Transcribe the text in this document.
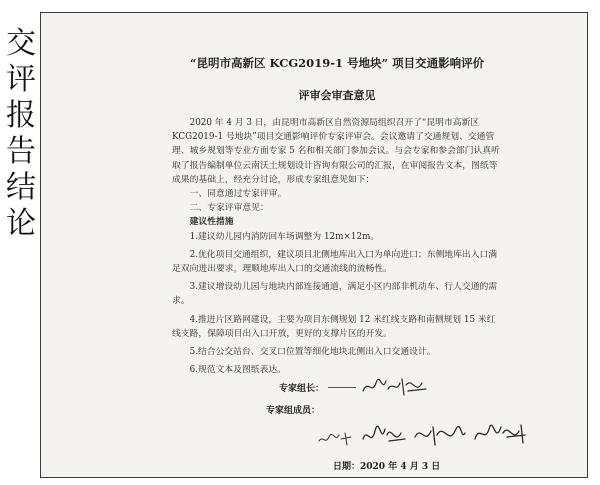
交
评
报
告
结
论

“昆明市高新区 KCG2019-1 号地块” 项目交通影响评价

评审会审查意见

2020 年 4 月 3 日，由昆明市高新区自然资源局组织召开了“昆明市高新区 KCG2019-1 号地块”项目交通影响评价专家评审会。会议邀请了交通规划、交通管理、城乡规划等专业方面专家 5 名和相关部门参加会议。与会专家和参会部门认真听取了报告编制单位云南沃土规划设计咨询有限公司的汇报，在审阅报告文本，图纸等成果的基础上，经充分讨论，形成专家组意见如下：

一、同意通过专家评审。

二、专家评审意见：

建议性措施

1.建议幼儿园内消防回车场调整为 12m×12m。

2.优化项目交通组织，建议项目北侧地库出入口为单向进口；东侧地库出入口满足双向进出要求，理顺地库出入口的交通流线的流畅性。

3.建议增设幼儿园与地块内部连接通道，满足小区内部非机动车、行人交通的需求。

4.推进片区路网建设，主要为项目东侧规划 12 米红线支路和南侧规划 15 米红线支路，保障项目出入口开放，更好的支撑片区的开发。

5.结合公交站台、交叉口位置等细化地块北侧出入口交通设计。

6.规范文本及图纸表达。

专家组长：
专家组成员：
日期：2020 年 4 月 3 日
